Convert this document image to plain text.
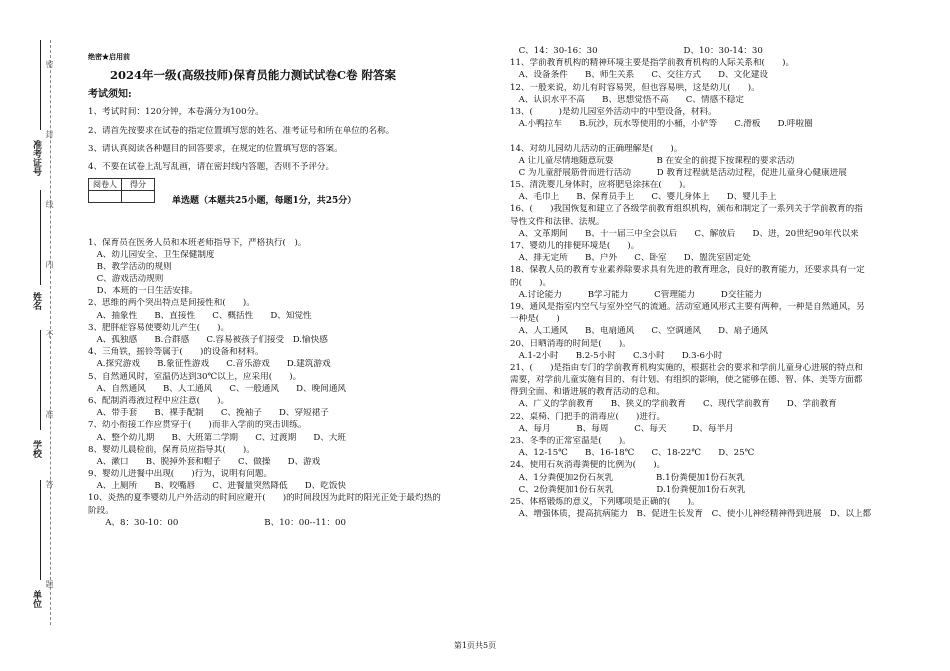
准考证号
姓名
学校
单位
密
封
线
内
不
准
答
题
绝密★启用前
2024年一级(高级技师)保育员能力测试试卷C卷 附答案
考试须知:
1、考试时间：120分钟，本卷满分为100分。
2、请首先按要求在试卷的指定位置填写您的姓名、准考证号和所在单位的名称。
3、请认真阅读各种题目的回答要求，在规定的位置填写您的答案。
4、不要在试卷上乱写乱画，请在密封线内答题，否则不予评分。
阅卷人	得分

单选题（本题共25小题，每题1分，共25分）
1、保育员在医务人员和本班老师指导下，严格执行(　)。
　A、幼儿园安全、卫生保健制度
　B、教学活动的规则
　C、游戏活动规则
　D、本班的一日生活安排。
2、思维的两个突出特点是间接性和(　　)。
　A、抽象性　　B、直接性　　C、概括性　　D、知觉性
3、肥胖症容易使婴幼儿产生(　　)。
　A、孤独感　　B.合群感　　C.容易被孩子们接受　D.愉快感
4、三角铁，摇铃等属于(　　)的设备和材料。
　A.探究游戏　　B.象征性游戏　　C.音乐游戏　　D.建筑游戏
5、自然通风时，室温仍达到30℃以上，应采用(　　)。
　A、自然通风　　B、人工通风　　C、一般通风　　D、晚间通风
6、配制消毒液过程中应注意(　　)。
　A、带手套　　B、裸手配制　　C、挽袖子　　D、穿短裙子
7、幼小衔接工作应贯穿于(　　)而非入学前的突击训练。
　A、整个幼儿期　　B、大班第二学期　　C、过渡期　　D、大班
8、婴幼儿晨检前，保育员应指导其(　　)。
　A、漱口　　B、脱掉外套和帽子　　C、做操　　D、游戏
9、婴幼儿进餐中出现(　　)行为，说明有问题。
　A、上厕所　　B、咬嘴唇　　C、进餐量突然降低　　D、吃饭快
10、炎热的夏季婴幼儿户外活动的时间应避开(　　)的时间段因为此时的阳光正处于最灼热的
阶段。
　　A、8：30-10：00　　　　　　　　　　B、10：00--11：00
　C、14：30-16：30　　　　　　　　　　D、10：30-14：30
11、学前教育机构的精神环境主要是指学前教育机构的人际关系和(　　)。
　A、设备条件　　B、师生关系　　C、交往方式　　D、文化建设
12、一般来说，幼儿有时容易哭，但也容易哄，这是幼儿(　　)。
　A、认识水平不高　　B、思想觉悟不高　　C、情感不稳定
13、(　　　)是幼儿园室外活动中的中型设备，材料。
　A.小鸭拉车　　B.玩沙，玩水等使用的小桶，小铲等　　C.滑板　　D.呼啦圈
14、对幼儿园幼儿活动的正确理解是(　　)。
　A 让儿童尽情地随意玩耍　　　　　B 在安全的前提下按课程的要求活动
　C 为儿童舒展筋骨而进行活动　　　D 教育过程就是活动过程，促进儿童身心健康进展
15、清洗婴儿身体时，应将肥皂涂抹在(　　)。
　A、毛巾上　　B、保育员手上　　C、婴儿身体上　　D、婴儿手上
16、(　　)我国恢复和建立了各级学前教育组织机构，颁布和制定了一系列关于学前教育的指
导性文件和法律、法规。
　A、文革期间　　B、十一届三中全会以后　　C、解放后　　D、进，20世纪90年代以来
17、婴幼儿的排便环境是(　　)。
　A、排无定所　　B、户外　　C、卧室　　D、盥洗室固定处
18、保教人员的教育专业素养除要求具有先进的教育理念，良好的教育能力，还要求具有一定
的(　　)。
　A.讨论能力　　　B学习能力　　　C管理能力　　　D交往能力
19、通风是指室内空气与室外空气的流通。活动室通风形式主要有两种，一种是自然通风，另
一种是(　　)
　A、人工通风　　B、电扇通风　　C、空调通风　　D、扇子通风
20、日晒消毒的时间是(　　)。
　A.1-2小时　　B.2-5小时　　C.3小时　　D.3-6小时
21、(　　)是指由专门的学前教育机构实施的，根据社会的要求和学前儿童身心进展的特点和
需要，对学前儿童实施有目的、有计划、有组织的影响，使之能够在德、智、体、美等方面都
得到全面、和谐进展的教育活动的总和。
　A、广义的学前教育　　B、狭义的学前教育　　C、现代学前教育　　D、学前教育
22、桌椅、门把手的消毒应(　　)进行。
　A、每月　　　B、每周　　　C、每天　　　D、每半月
23、冬季的正常室温是(　　)。
　A、12-15℃　　B、16-18℃　　C、18-22℃　　D、25℃
24、使用石灰消毒粪便的比例为(　　)。
　A、1分粪便加2份石灰乳　　　　　B.1份粪便加1份石灰乳
　C、2份粪便加1份石灰乳　　　　　D.1份粪便加1份石灰乳
25、体格锻炼的意义，下列哪项是正确的(　　)。
　A、增强体质，提高抗病能力　B、促进生长发育　C、使小儿神经精神得到进展　D、以上都
第1页共5页
